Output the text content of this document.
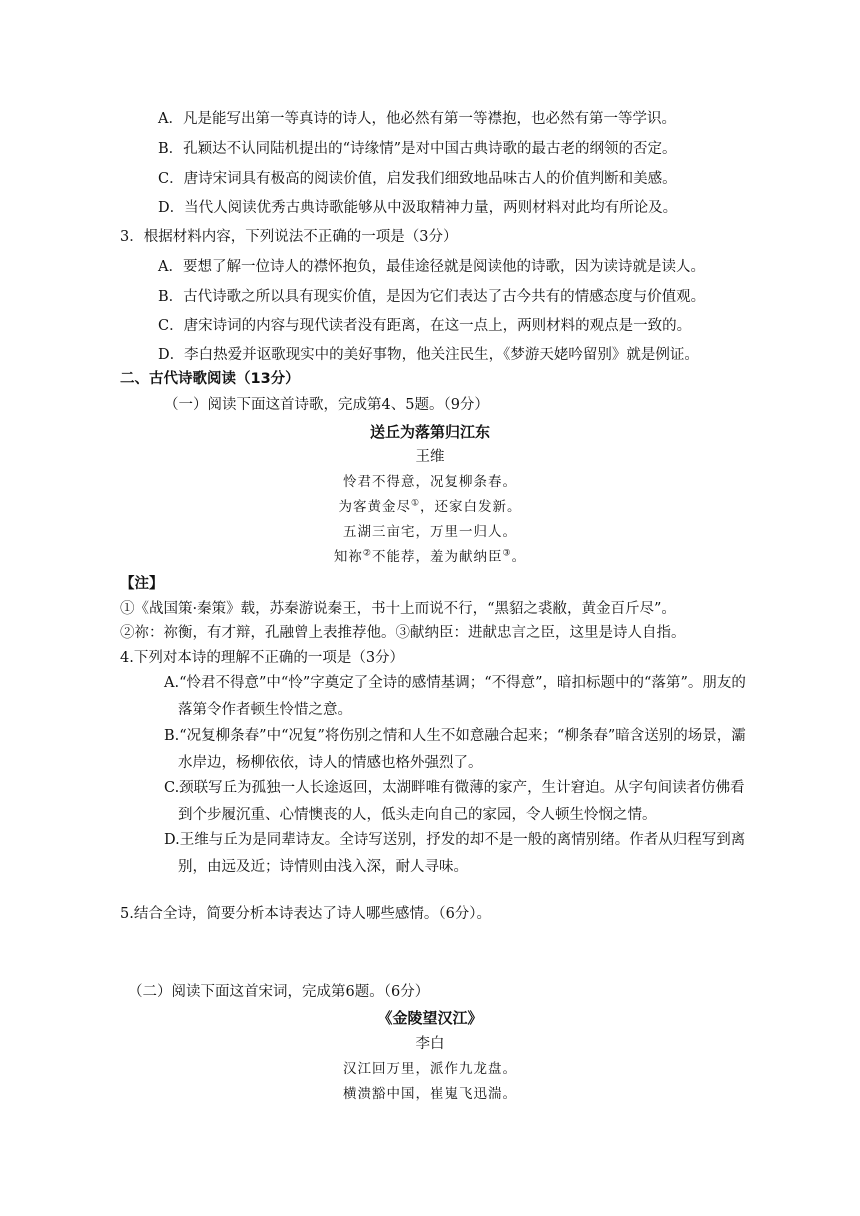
A．凡是能写出第一等真诗的诗人，他必然有第一等襟抱，也必然有第一等学识。
B．孔颖达不认同陆机提出的“诗缘情”是对中国古典诗歌的最古老的纲领的否定。
C．唐诗宋词具有极高的阅读价值，启发我们细致地品味古人的价值判断和美感。
D．当代人阅读优秀古典诗歌能够从中汲取精神力量，两则材料对此均有所论及。
3．根据材料内容，下列说法不正确的一项是（3分）
A．要想了解一位诗人的襟怀抱负，最佳途径就是阅读他的诗歌，因为读诗就是读人。
B．古代诗歌之所以具有现实价值，是因为它们表达了古今共有的情感态度与价值观。
C．唐宋诗词的内容与现代读者没有距离，在这一点上，两则材料的观点是一致的。
D．李白热爱并讴歌现实中的美好事物，他关注民生，《梦游天姥吟留别》就是例证。
二、古代诗歌阅读（13分）
（一）阅读下面这首诗歌，完成第4、5题。（9分）
送丘为落第归江东
王维
怜君不得意，况复柳条春。
为客黄金尽①，还家白发新。
五湖三亩宅，万里一归人。
知祢②不能荐，羞为献纳臣③。
【注】
①《战国策·秦策》载，苏秦游说秦王，书十上而说不行，“黑貂之裘敝，黄金百斤尽”。
②祢：祢衡，有才辩，孔融曾上表推荐他。③献纳臣：进献忠言之臣，这里是诗人自指。
4.下列对本诗的理解不正确的一项是（3分）
A.“怜君不得意”中“怜”字奠定了全诗的感情基调；“不得意”，暗扣标题中的“落第”。朋友的落第令作者顿生怜惜之意。
B.“况复柳条春”中“况复”将伤别之情和人生不如意融合起来；“柳条春”暗含送别的场景，灞水岸边，杨柳依依，诗人的情感也格外强烈了。
C.颈联写丘为孤独一人长途返回，太湖畔唯有微薄的家产，生计窘迫。从字句间读者仿佛看到个步履沉重、心情懊丧的人，低头走向自己的家园，令人顿生怜悯之情。
D.王维与丘为是同辈诗友。全诗写送别，抒发的却不是一般的离情别绪。作者从归程写到离别，由远及近；诗情则由浅入深，耐人寻味。
5.结合全诗，简要分析本诗表达了诗人哪些感情。（6分）。
（二）阅读下面这首宋词，完成第6题。（6分）
《金陵望汉江》
李白
汉江回万里，派作九龙盘。
横溃豁中国，崔嵬飞迅湍。
